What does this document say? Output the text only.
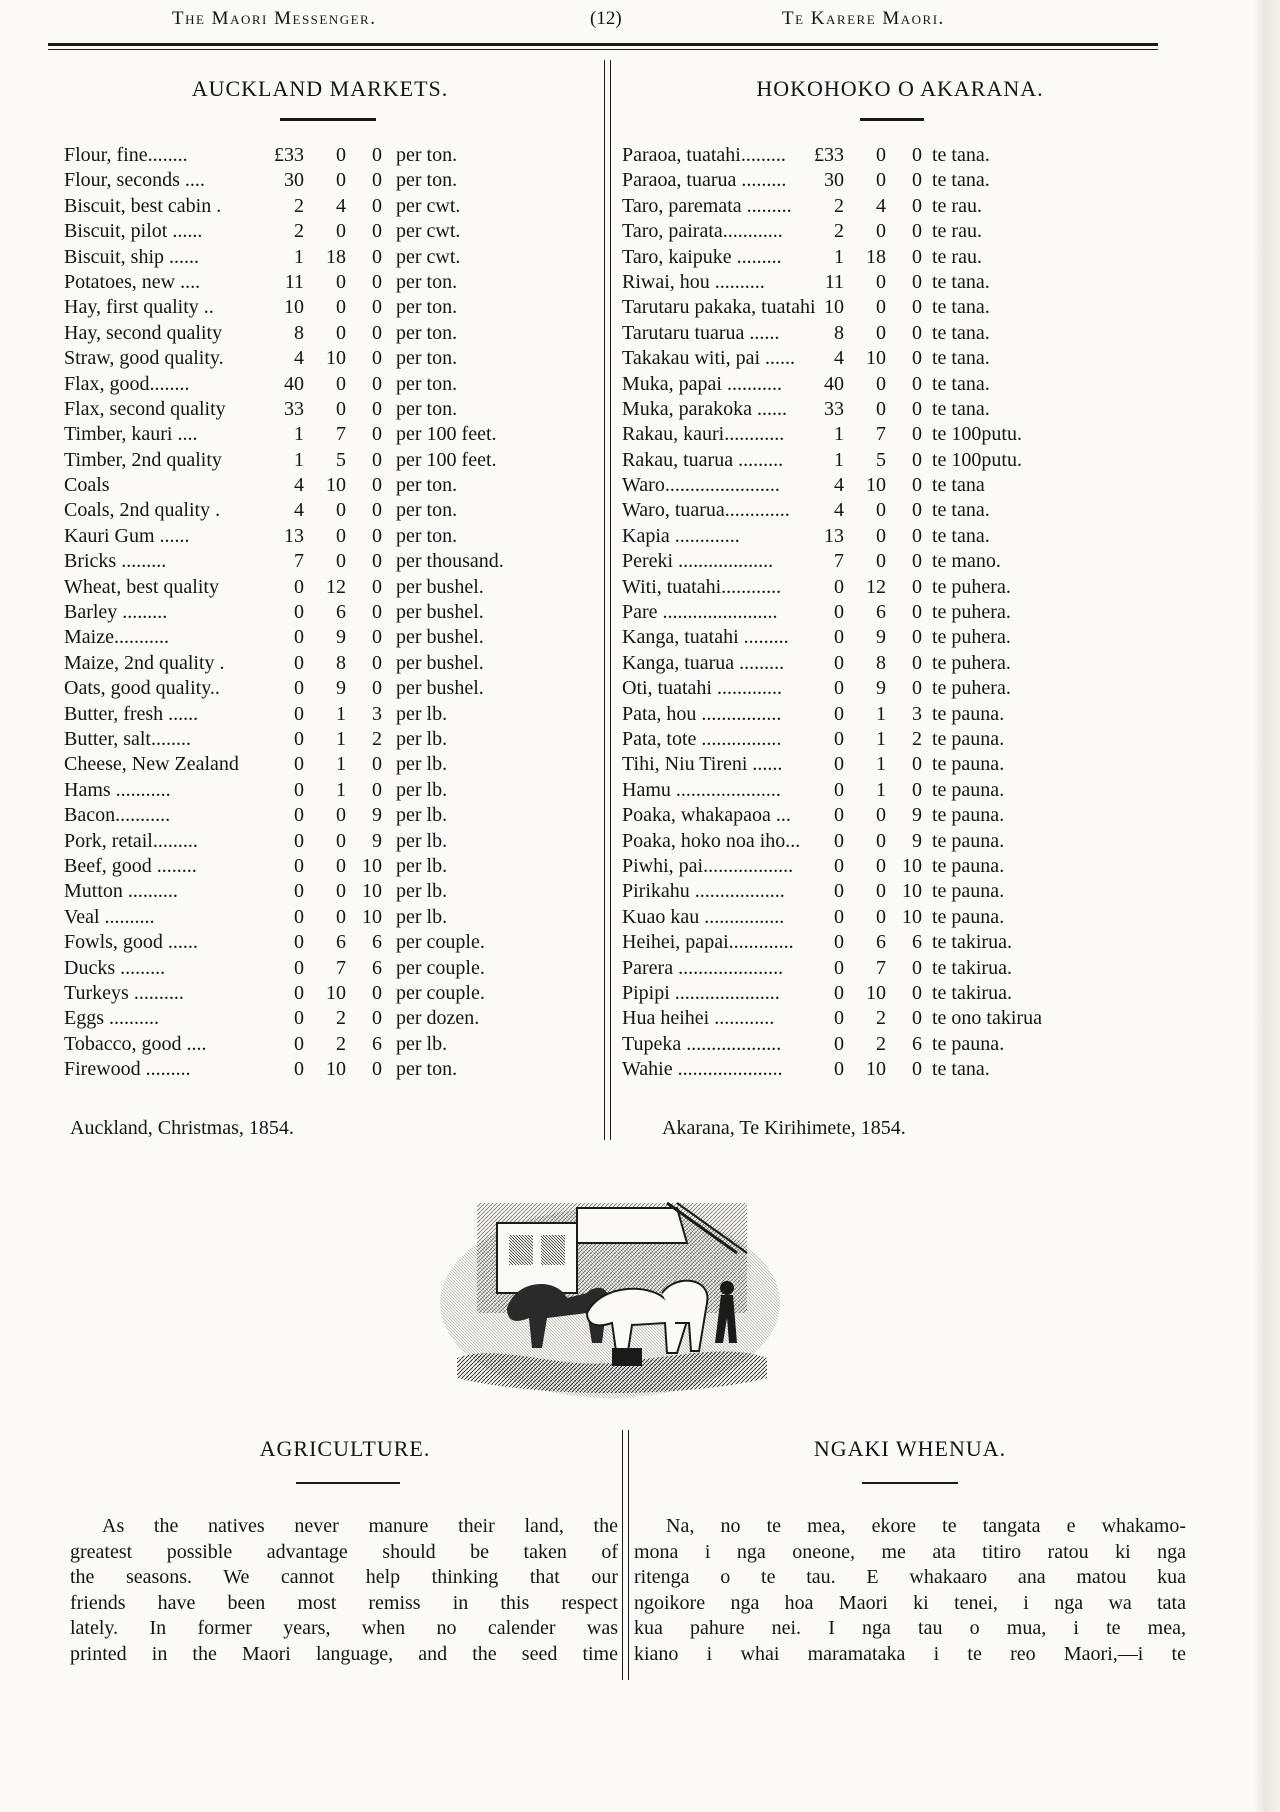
The Maori Messenger.	(12)	Te Karere Maori.
AUCKLAND MARKETS.	HOKOHOKO O AKARANA.
Flour, fine........	£33 0 0 per ton.
Flour, seconds ....	30 0 0 per ton.
Biscuit, best cabin .	2 4 0 per cwt.
Biscuit, pilot ......	2 0 0 per cwt.
Biscuit, ship ......	1 18 0 per cwt.
Potatoes, new ....	11 0 0 per ton.
Hay, first quality ..	10 0 0 per ton.
Hay, second quality	8 0 0 per ton.
Straw, good quality.	4 10 0 per ton.
Flax, good........	40 0 0 per ton.
Flax, second quality	33 0 0 per ton.
Timber, kauri ....	1 7 0 per 100 feet.
Timber, 2nd quality	1 5 0 per 100 feet.
Coals	4 10 0 per ton.
Coals, 2nd quality .	4 0 0 per ton.
Kauri Gum ......	13 0 0 per ton.
Bricks .........	7 0 0 per thousand.
Wheat, best quality	0 12 0 per bushel.
Barley .........	0 6 0 per bushel.
Maize...........	0 9 0 per bushel.
Maize, 2nd quality .	0 8 0 per bushel.
Oats, good quality..	0 9 0 per bushel.
Butter, fresh ......	0 1 3 per lb.
Butter, salt........	0 1 2 per lb.
Cheese, New Zealand	0 1 0 per lb.
Hams ...........	0 1 0 per lb.
Bacon...........	0 0 9 per lb.
Pork, retail.........	0 0 9 per lb.
Beef, good ........	0 0 10 per lb.
Mutton ..........	0 0 10 per lb.
Veal ..........	0 0 10 per lb.
Fowls, good ......	0 6 6 per couple.
Ducks .........	0 7 6 per couple.
Turkeys ..........	0 10 0 per couple.
Eggs ..........	0 2 0 per dozen.
Tobacco, good ....	0 2 6 per lb.
Firewood .........	0 10 0 per ton.
Auckland, Christmas, 1854.
Paraoa, tuatahi......... £33 0 0 te tana.
Paraoa, tuarua ......... 30 0 0 te tana.
Taro, paremata ......... 2 4 0 te rau.
Taro, pairata............	2 0 0 te rau.
Taro, kaipuke .........	1 18 0 te rau.
Riwai, hou ..........	11 0 0 te tana.
Tarutaru pakaka, tuatahi 10 0 0 te tana.
Tarutaru tuarua ......	8 0 0 te tana.
Takakau witi, pai ...... 4 10 0 te tana.
Muka, papai ........... 40 0 0 te tana.
Muka, parakoka ...... 33 0 0 te tana.
Rakau, kauri............ 1 7 0 te 100putu.
Rakau, tuarua .........	1 5 0 te 100putu.
Waro.......................	4 10 0 te tana
Waro, tuarua............. 4 0 0 te tana.
Kapia .............	13 0 0 te tana.
Pereki ...................	7 0 0 te mano.
Witi, tuatahi............	0 12 0 te puhera.
Pare .......................	0 6 0 te puhera.
Kanga, tuatahi ......... 0 9 0 te puhera.
Kanga, tuarua ......... 0 8 0 te puhera.
Oti, tuatahi .............	0 9 0 te puhera.
Pata, hou ................	0 1 3 te pauna.
Pata, tote ................	0 1 2 te pauna.
Tihi, Niu Tireni ......	0 1 0 te pauna.
Hamu .....................	0 1 0 te pauna.
Poaka, whakapaoa ... 0 0 9 te pauna.
Poaka, hoko noa iho... 0 0 9 te pauna.
Piwhi, pai.................. 0 0 10 te pauna.
Pirikahu .................. 0 0 10 te pauna.
Kuao kau ................ 0 0 10 te pauna.
Heihei, papai............. 0 6 6 te takirua.
Parera .....................	0 7 0 te takirua.
Pipipi .....................	0 10 0 te takirua.
Hua heihei ............	0 2 0 te ono takirua
Tupeka ...................	0 2 6 te pauna.
Wahie .....................	0 10 0 te tana.
Akarana, Te Kirihimete, 1854.
AGRICULTURE.	NGAKI WHENUA.
As the natives never manure their land, the
greatest possible advantage should be taken of
the seasons. We cannot help thinking that our
friends have been most remiss in this respect
lately. In former years, when no calender was
printed in the Maori language, and the seed time
Na, no te mea, ekore te tangata e whakamo-
mona i nga oneone, me ata titiro ratou ki nga
ritenga o te tau. E whakaaro ana matou kua
ngoikore nga hoa Maori ki tenei, i nga wa tata
kua pahure nei. I nga tau o mua, i te mea,
kiano i whai maramataka i te reo Maori,—i te
